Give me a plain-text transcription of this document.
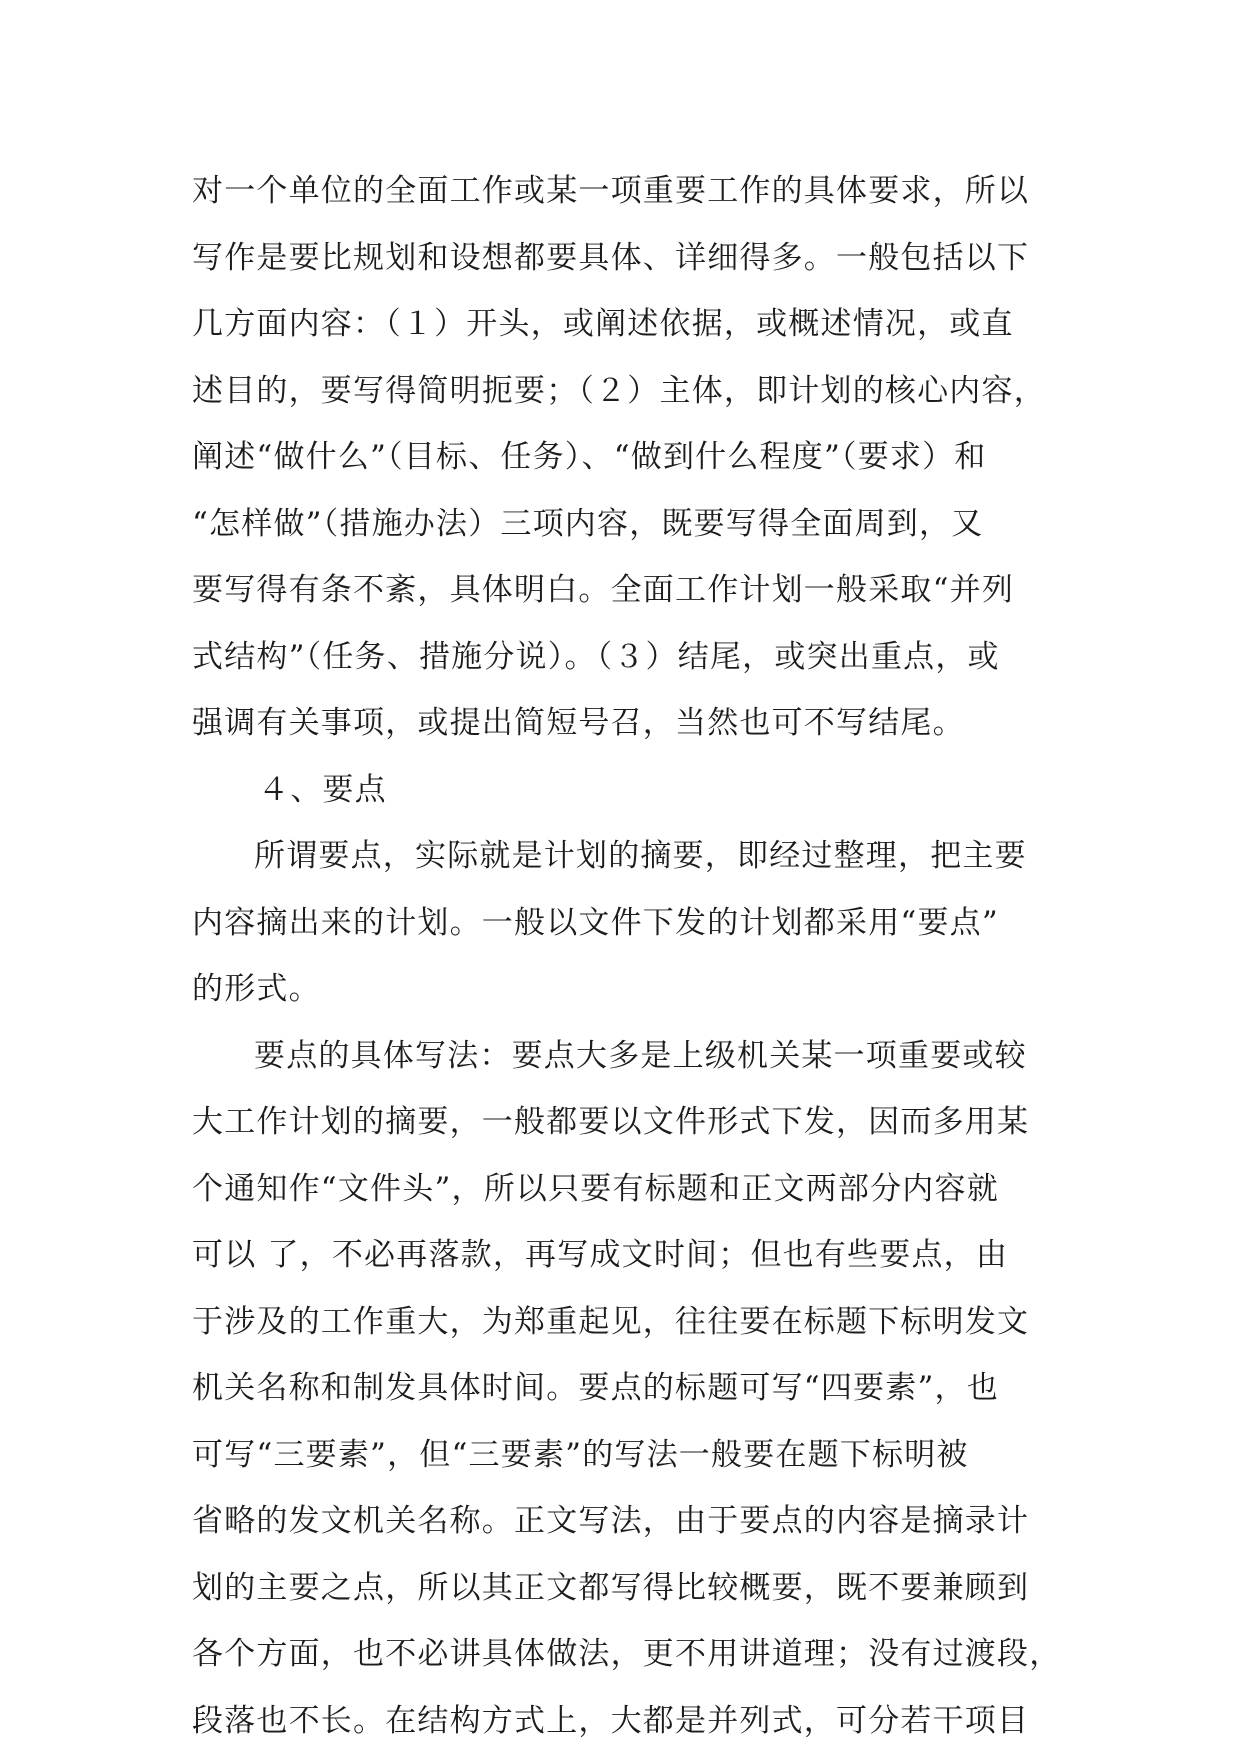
对一个单位的全面工作或某一项重要工作的具体要求，所以
写作是要比规划和设想都要具体、详细得多。一般包括以下
几方面内容：（１）开头，或阐述依据，或概述情况，或直
述目的，要写得简明扼要；（２）主体，即计划的核心内容，
阐述“做什么”（目标、任务）、“做到什么程度”（要求）和
“怎样做”（措施办法）三项内容，既要写得全面周到，又
要写得有条不紊，具体明白。全面工作计划一般采取“并列
式结构”（任务、措施分说）。（３）结尾，或突出重点，或
强调有关事项，或提出简短号召，当然也可不写结尾。
４、要点
所谓要点，实际就是计划的摘要，即经过整理，把主要
内容摘出来的计划。一般以文件下发的计划都采用“要点”
的形式。
要点的具体写法：要点大多是上级机关某一项重要或较
大工作计划的摘要，一般都要以文件形式下发，因而多用某
个通知作“文件头”，所以只要有标题和正文两部分内容就
可以 了，不必再落款，再写成文时间；但也有些要点，由
于涉及的工作重大，为郑重起见，往往要在标题下标明发文
机关名称和制发具体时间。要点的标题可写“四要素”，也
可写“三要素”，但“三要素”的写法一般要在题下标明被
省略的发文机关名称。正文写法，由于要点的内容是摘录计
划的主要之点，所以其正文都写得比较概要，既不要兼顾到
各个方面，也不必讲具体做法，更不用讲道理；没有过渡段，
段落也不长。在结构方式上，大都是并列式，可分若干项目
